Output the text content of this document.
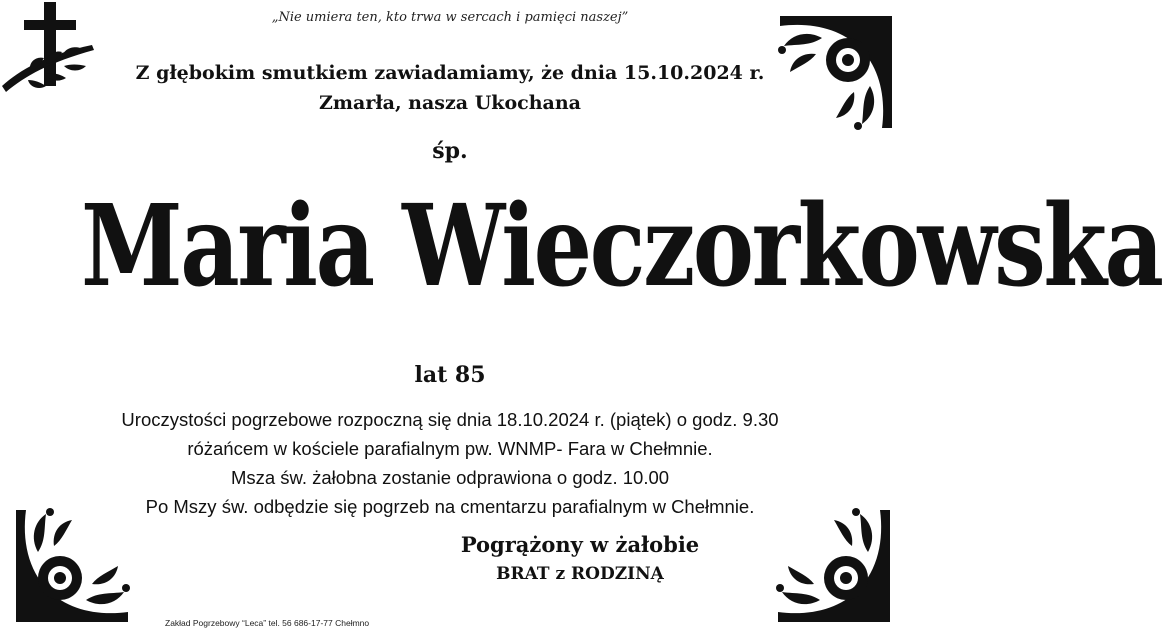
„Nie umiera ten, kto trwa w sercach i pamięci naszej”
Z głębokim smutkiem zawiadamiamy, że dnia 15.10.2024 r.
Zmarła, nasza Ukochana
śp.
Maria Wieczorkowska
lat 85
Uroczystości pogrzebowe rozpoczną się dnia 18.10.2024 r. (piątek) o godz. 9.30
różańcem w kościele parafialnym pw. WNMP- Fara w Chełmnie.
Msza św. żałobna zostanie odprawiona o godz. 10.00
Po Mszy św. odbędzie się pogrzeb na cmentarzu parafialnym w Chełmnie.
Pogrążony w żałobie
BRAT z RODZINĄ
Zakład Pogrzebowy “Leca” tel. 56 686-17-77 Chełmno
